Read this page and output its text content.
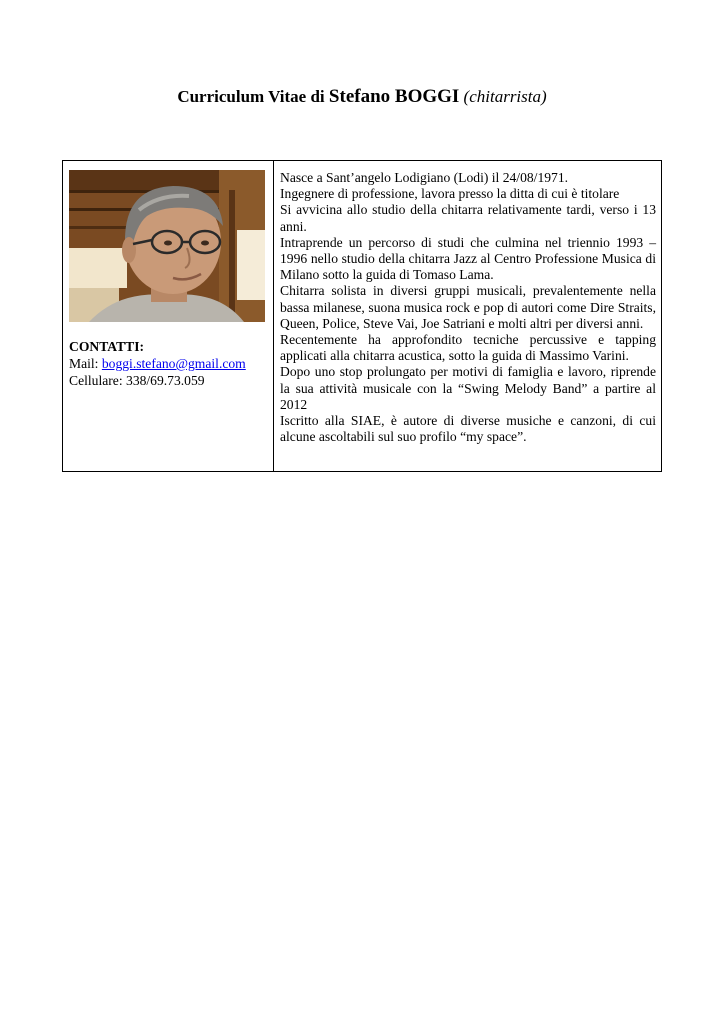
Curriculum Vitae di Stefano BOGGI (chitarrista)
CONTATTI:
Mail: boggi.stefano@gmail.com
Cellulare: 338/69.73.059

Nasce a Sant’angelo Lodigiano (Lodi) il 24/08/1971.

Ingegnere di professione, lavora presso la ditta di cui è titolare

Si avvicina allo studio della chitarra relativamente tardi, verso i 13 anni.

Intraprende un percorso di studi che culmina nel triennio 1993 – 1996 nello studio della chitarra Jazz al Centro Professione Musica di Milano sotto la guida di Tomaso Lama.

Chitarra solista in diversi gruppi musicali, prevalentemente nella bassa milanese, suona musica rock e pop di autori come Dire Straits, Queen, Police, Steve Vai, Joe Satriani e molti altri per diversi anni.

Recentemente ha approfondito tecniche percussive e tapping applicati alla chitarra acustica, sotto la guida di Massimo Varini.

Dopo uno stop prolungato per motivi di famiglia e lavoro, riprende la sua attività musicale con la “Swing Melody Band” a partire al 2012

Iscritto alla SIAE, è autore di diverse musiche e canzoni, di cui alcune ascoltabili sul suo profilo “my space”.
